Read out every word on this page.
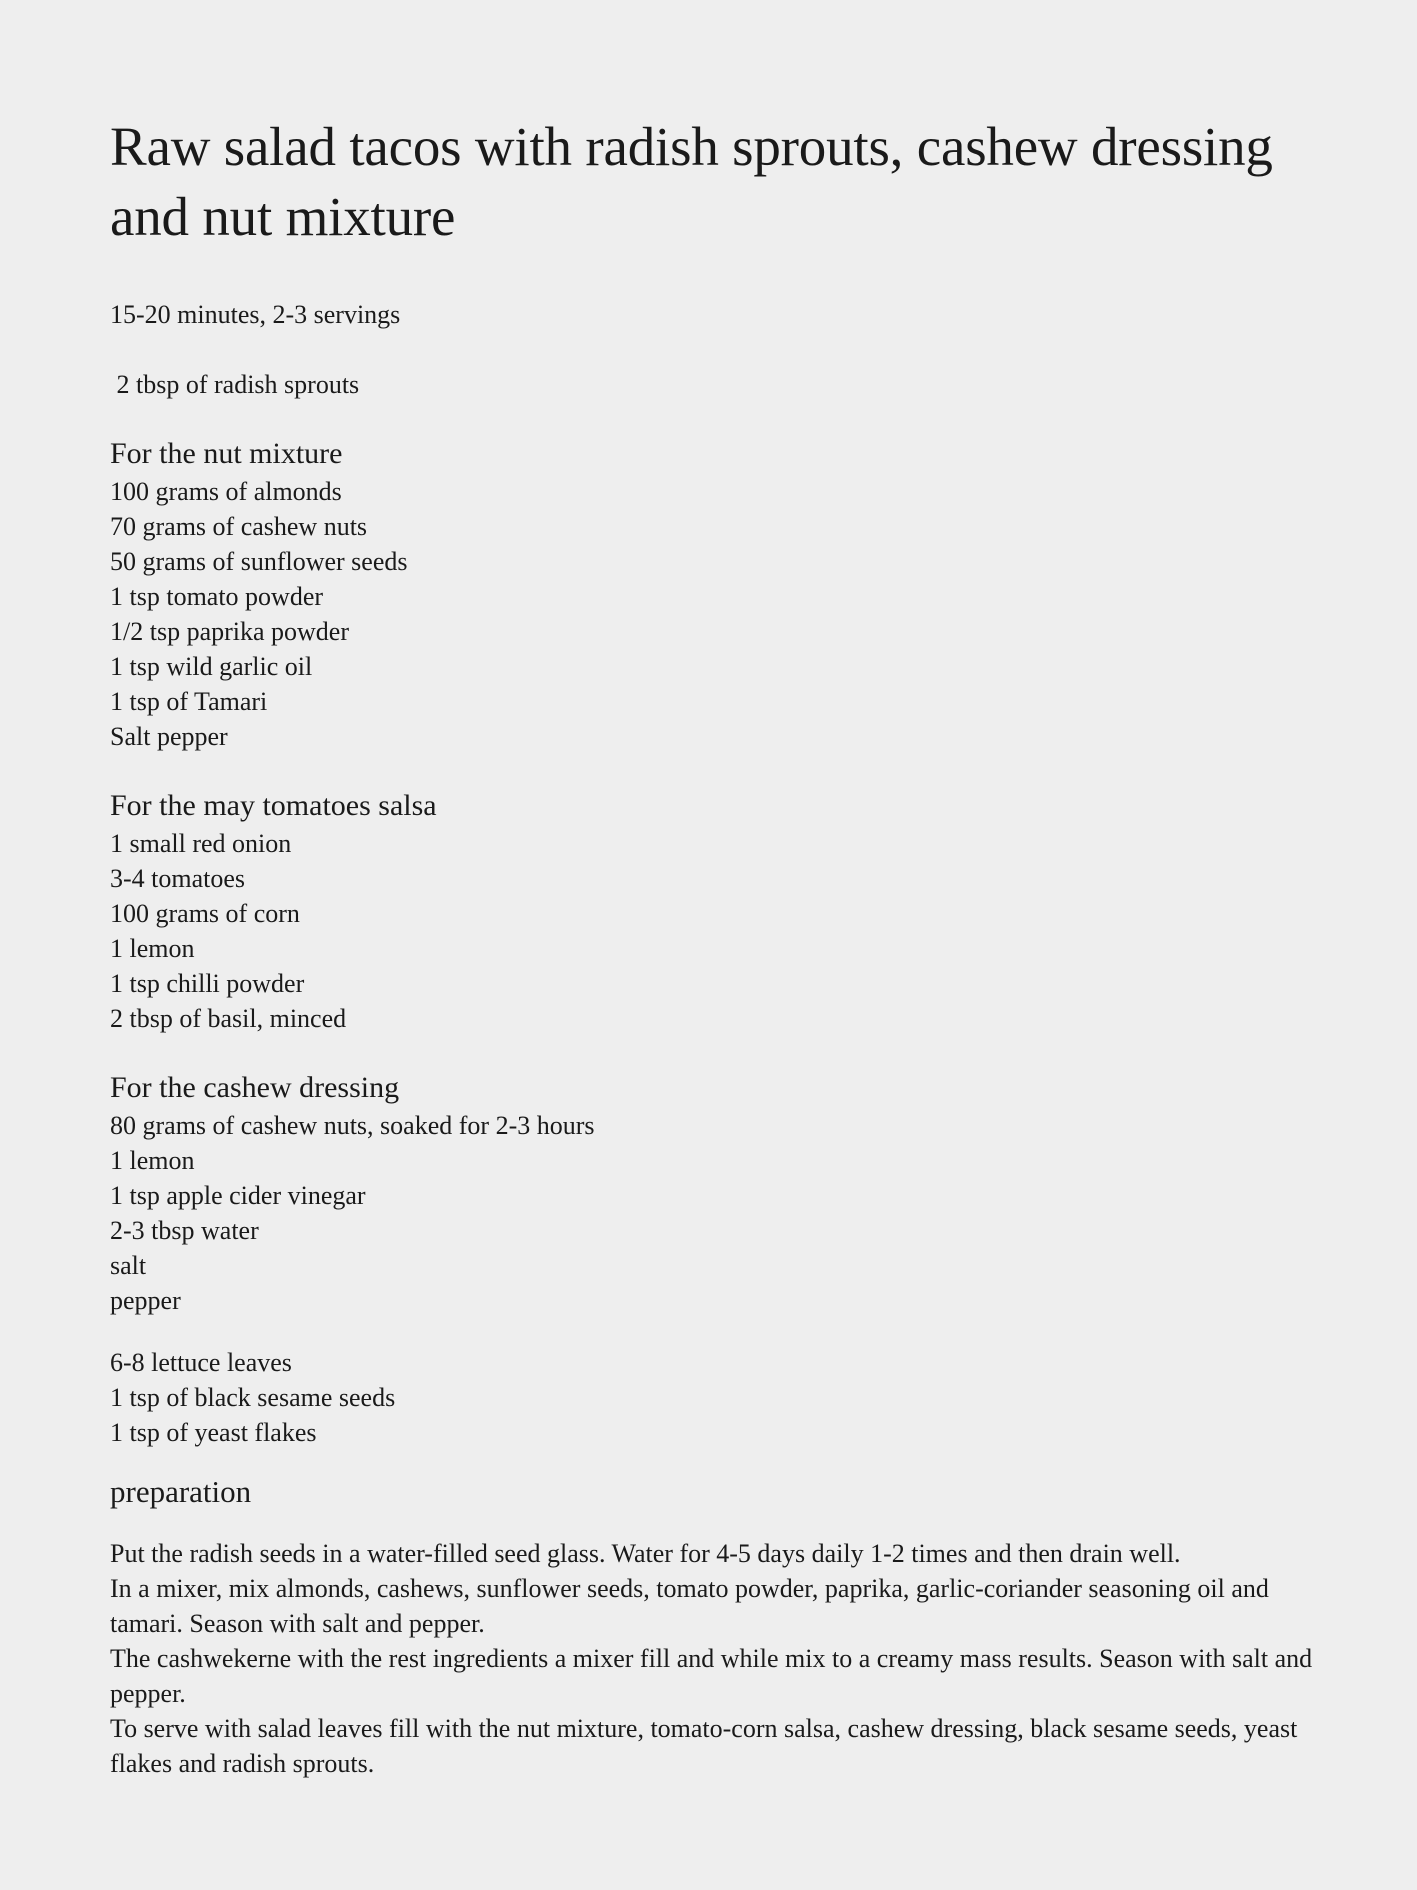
Raw salad tacos with radish sprouts, cashew dressing and nut mixture

15-20 minutes, 2-3 servings

2 tbsp of radish sprouts

For the nut mixture
100 grams of almonds
70 grams of cashew nuts
50 grams of sunflower seeds
1 tsp tomato powder
1/2 tsp paprika powder
1 tsp wild garlic oil
1 tsp of Tamari
Salt pepper
For the may tomatoes salsa
1 small red onion
3-4 tomatoes
100 grams of corn
1 lemon
1 tsp chilli powder
2 tbsp of basil, minced
For the cashew dressing
80 grams of cashew nuts, soaked for 2-3 hours
1 lemon
1 tsp apple cider vinegar
2-3 tbsp water
salt
pepper
6-8 lettuce leaves
1 tsp of black sesame seeds
1 tsp of yeast flakes
preparation

Put the radish seeds in a water-filled seed glass. Water for 4-5 days daily 1-2 times and then drain well.

In a mixer, mix almonds, cashews, sunflower seeds, tomato powder, paprika, garlic-coriander seasoning oil and tamari. Season with salt and pepper.

The cashwekerne with the rest ingredients a mixer fill and while mix to a creamy mass results. Season with salt and pepper.

To serve with salad leaves fill with the nut mixture, tomato-corn salsa, cashew dressing, black sesame seeds, yeast flakes and radish sprouts.
